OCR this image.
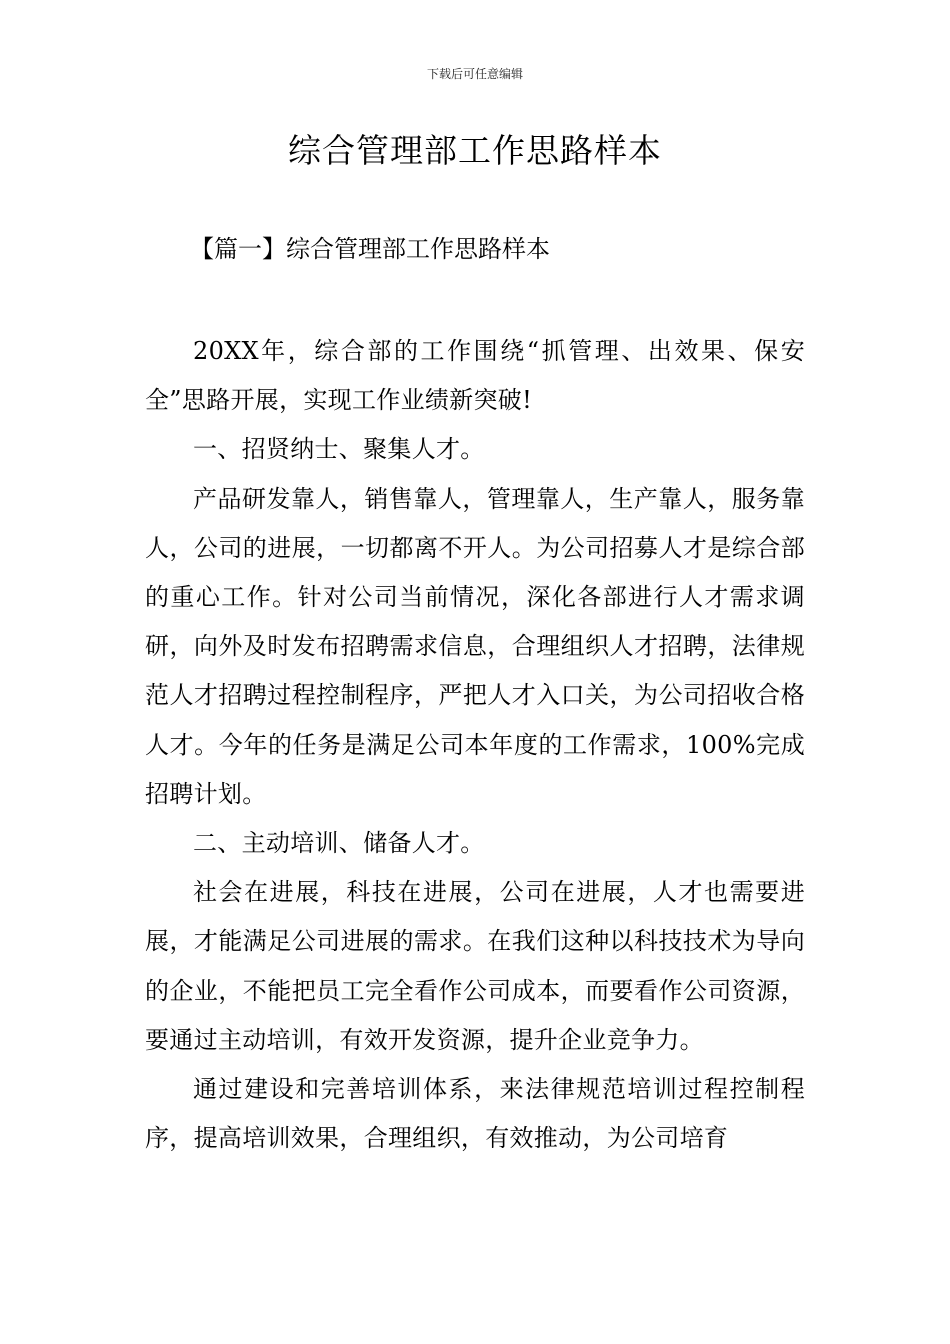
下载后可任意编辑
综合管理部工作思路样本
【篇一】综合管理部工作思路样本

20XX年，综合部的工作围绕“抓管理、出效果、保安全”思路开展，实现工作业绩新突破!

一、招贤纳士、聚集人才。

产品研发靠人，销售靠人，管理靠人，生产靠人，服务靠人，公司的进展，一切都离不开人。为公司招募人才是综合部的重心工作。针对公司当前情况，深化各部进行人才需求调研，向外及时发布招聘需求信息，合理组织人才招聘，法律规范人才招聘过程控制程序，严把人才入口关，为公司招收合格人才。今年的任务是满足公司本年度的工作需求，100%完成招聘计划。

二、主动培训、储备人才。

社会在进展，科技在进展，公司在进展，人才也需要进展，才能满足公司进展的需求。在我们这种以科技技术为导向的企业，不能把员工完全看作公司成本，而要看作公司资源，要通过主动培训，有效开发资源，提升企业竞争力。

通过建设和完善培训体系，来法律规范培训过程控制程序，提高培训效果，合理组织，有效推动，为公司培育
